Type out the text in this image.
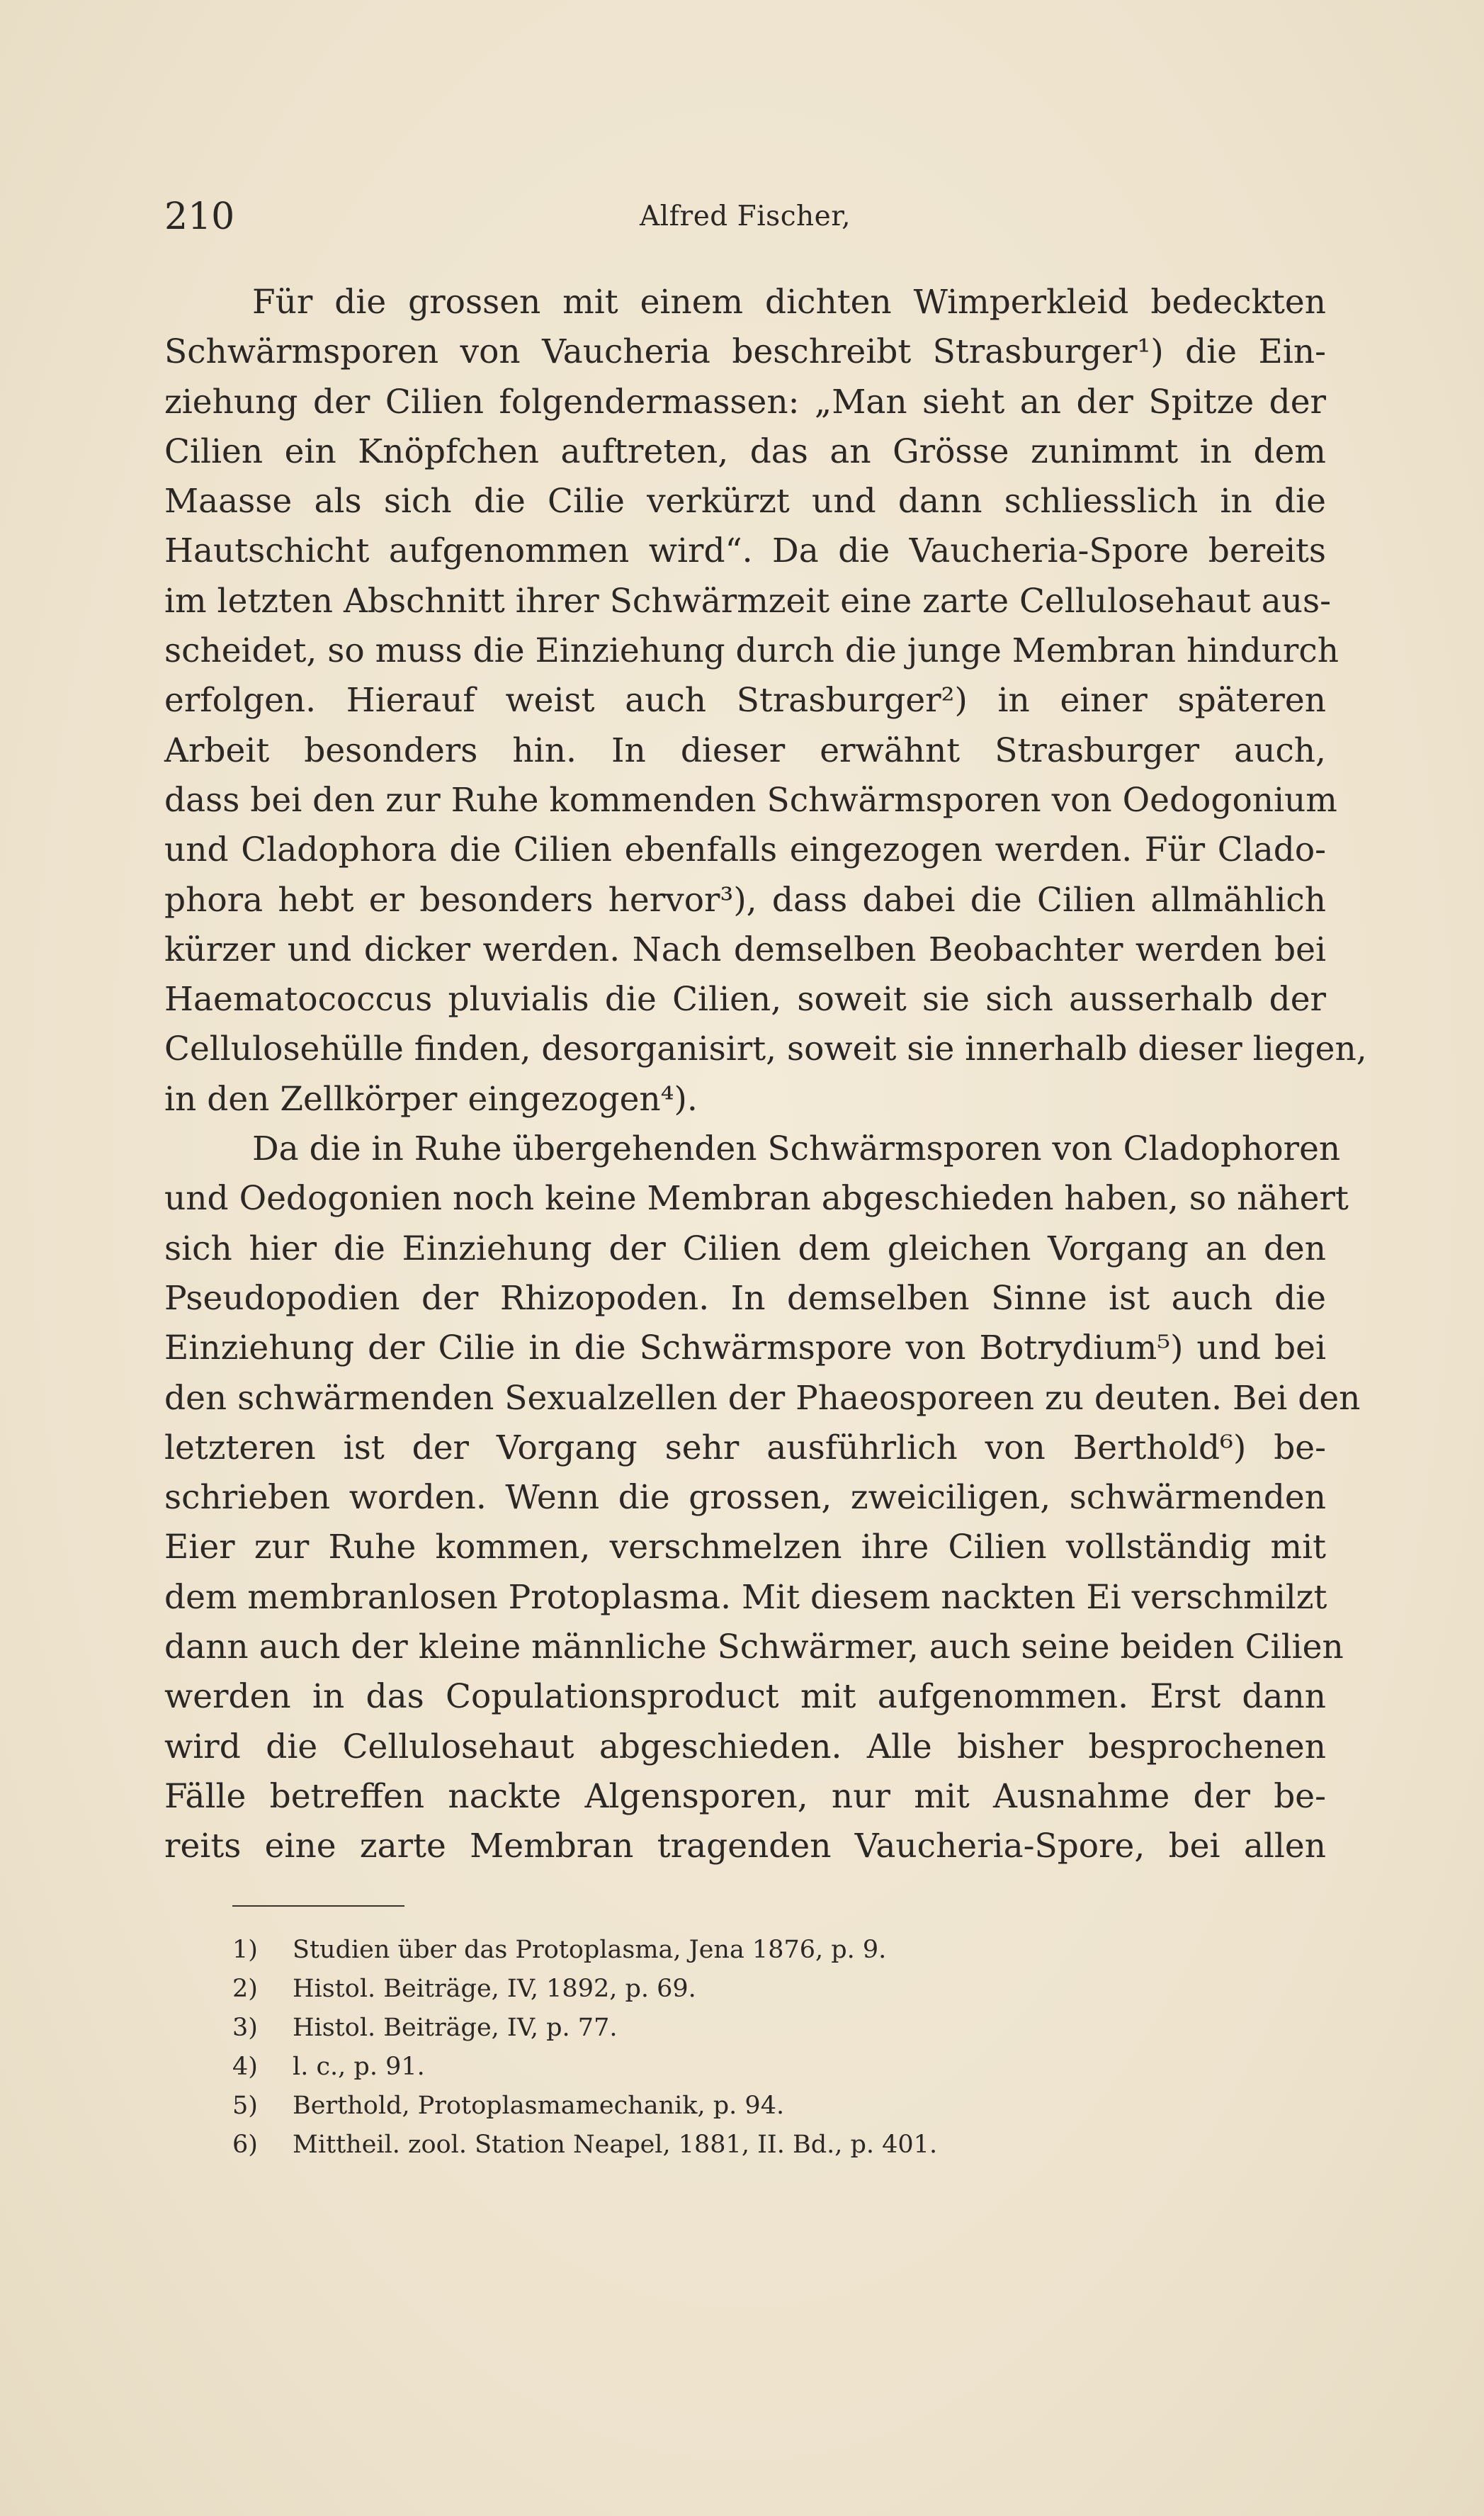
210	Alfred Fischer,
Für die grossen mit einem dichten Wimperkleid bedeckten
Schwärmsporen von Vaucheria beschreibt Strasburger¹) die Ein-
ziehung der Cilien folgendermassen: „Man sieht an der Spitze der
Cilien ein Knöpfchen auftreten, das an Grösse zunimmt in dem
Maasse als sich die Cilie verkürzt und dann schliesslich in die
Hautschicht aufgenommen wird“. Da die Vaucheria-Spore bereits
im letzten Abschnitt ihrer Schwärmzeit eine zarte Cellulosehaut aus-
scheidet, so muss die Einziehung durch die junge Membran hindurch
erfolgen. Hierauf weist auch Strasburger²) in einer späteren
Arbeit besonders hin. In dieser erwähnt Strasburger auch,
dass bei den zur Ruhe kommenden Schwärmsporen von Oedogonium
und Cladophora die Cilien ebenfalls eingezogen werden. Für Clado-
phora hebt er besonders hervor³), dass dabei die Cilien allmählich
kürzer und dicker werden. Nach demselben Beobachter werden bei
Haematococcus pluvialis die Cilien, soweit sie sich ausserhalb der
Cellulosehülle finden, desorganisirt, soweit sie innerhalb dieser liegen,
in den Zellkörper eingezogen⁴).
Da die in Ruhe übergehenden Schwärmsporen von Cladophoren
und Oedogonien noch keine Membran abgeschieden haben, so nähert
sich hier die Einziehung der Cilien dem gleichen Vorgang an den
Pseudopodien der Rhizopoden. In demselben Sinne ist auch die
Einziehung der Cilie in die Schwärmspore von Botrydium⁵) und bei
den schwärmenden Sexualzellen der Phaeosporeen zu deuten. Bei den
letzteren ist der Vorgang sehr ausführlich von Berthold⁶) be-
schrieben worden. Wenn die grossen, zweiciligen, schwärmenden
Eier zur Ruhe kommen, verschmelzen ihre Cilien vollständig mit
dem membranlosen Protoplasma. Mit diesem nackten Ei verschmilzt
dann auch der kleine männliche Schwärmer, auch seine beiden Cilien
werden in das Copulationsproduct mit aufgenommen. Erst dann
wird die Cellulosehaut abgeschieden. Alle bisher besprochenen
Fälle betreffen nackte Algensporen, nur mit Ausnahme der be-
reits eine zarte Membran tragenden Vaucheria-Spore, bei allen
1) Studien über das Protoplasma, Jena 1876, p. 9.
2) Histol. Beiträge, IV, 1892, p. 69.
3) Histol. Beiträge, IV, p. 77.
4) l. c., p. 91.
5) Berthold, Protoplasmamechanik, p. 94.
6) Mittheil. zool. Station Neapel, 1881, II. Bd., p. 401.
